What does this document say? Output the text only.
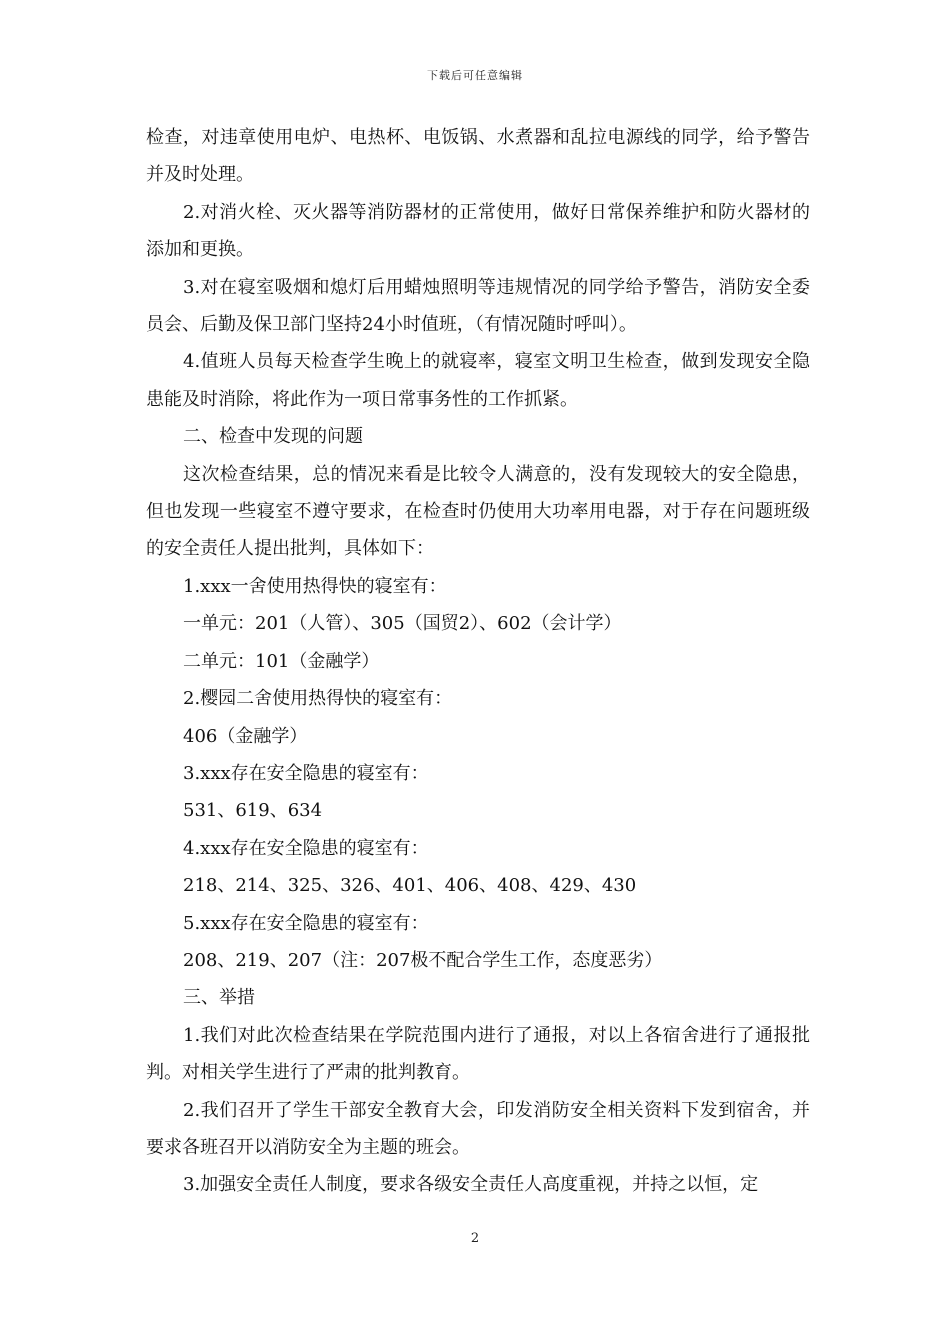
下载后可任意编辑

检查，对违章使用电炉、电热杯、电饭锅、水煮器和乱拉电源线的同学，给予警告并及时处理。

2.对消火栓、灭火器等消防器材的正常使用，做好日常保养维护和防火器材的添加和更换。

3.对在寝室吸烟和熄灯后用蜡烛照明等违规情况的同学给予警告，消防安全委员会、后勤及保卫部门坚持24小时值班，（有情况随时呼叫）。

4.值班人员每天检查学生晚上的就寝率，寝室文明卫生检查，做到发现安全隐患能及时消除，将此作为一项日常事务性的工作抓紧。

二、检查中发现的问题

这次检查结果，总的情况来看是比较令人满意的，没有发现较大的安全隐患，但也发现一些寝室不遵守要求，在检查时仍使用大功率用电器，对于存在问题班级的安全责任人提出批判，具体如下：

1.xxx一舍使用热得快的寝室有：

一单元：201（人管）、305（国贸2）、602（会计学）

二单元：101（金融学）

2.樱园二舍使用热得快的寝室有：

406（金融学）

3.xxx存在安全隐患的寝室有：

531、619、634

4.xxx存在安全隐患的寝室有：

218、214、325、326、401、406、408、429、430

5.xxx存在安全隐患的寝室有：

208、219、207（注：207极不配合学生工作，态度恶劣）

三、举措

1.我们对此次检查结果在学院范围内进行了通报，对以上各宿舍进行了通报批判。对相关学生进行了严肃的批判教育。

2.我们召开了学生干部安全教育大会，印发消防安全相关资料下发到宿舍，并要求各班召开以消防安全为主题的班会。

3.加强安全责任人制度，要求各级安全责任人高度重视，并持之以恒，定

2
